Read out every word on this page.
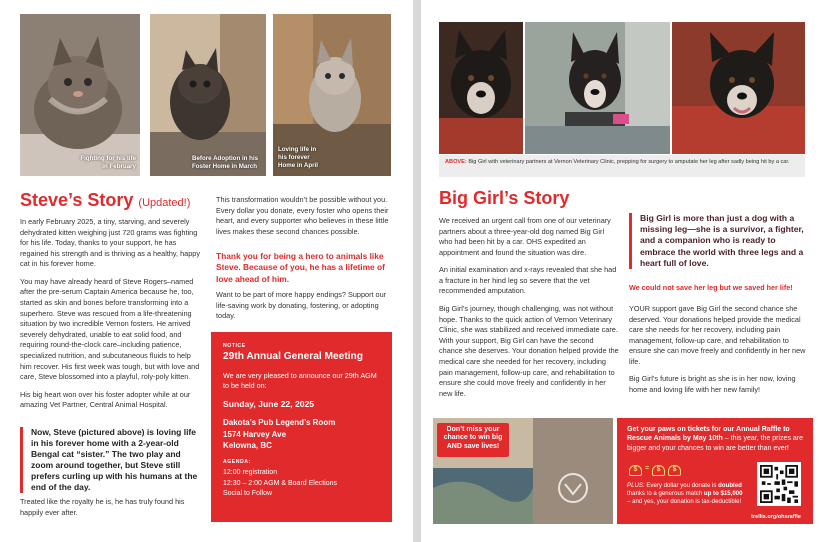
Fighting for his life in February
Before Adoption in his Foster Home in March
Loving life in his forever Home in April
Steve’s Story (Updated!)

In early February 2025, a tiny, starving, and severely dehydrated kitten weighing just 720 grams was fighting for his life. Today, thanks to your support, he has regained his strength and is thriving as a healthy, happy cat in his forever home.

You may have already heard of Steve Rogers–named after the pre-serum Captain America because he, too, started as skin and bones before transforming into a superhero. Steve was rescued from a life-threatening situation by two incredible Vernon fosters. He arrived severely dehydrated, unable to eat solid food, and requiring round-the-clock care–including patience, specialized nutrition, and subcutaneous fluids to help him recover. His first week was tough, but with love and care, Steve blossomed into a playful, roly-poly kitten.

His big heart won over his foster adopter while at our amazing Vet Partner, Central Animal Hospital.

Now, Steve (pictured above) is loving life in his forever home with a 2-year-old Bengal cat “sister.” The two play and zoom around together, but Steve still prefers curling up with his humans at the end of the day.
Treated like the royalty he is, he has truly found his happily ever after.
This transformation wouldn’t be possible without you. Every dollar you donate, every foster who opens their heart, and every supporter who believes in these little lives makes these second chances possible.
Thank you for being a hero to animals like Steve. Because of you, he has a lifetime of love ahead of him.
Want to be part of more happy endings? Support our life-saving work by donating, fostering, or adopting today.
NOTICE
29th Annual General Meeting
We are very pleased to announce our 29th AGM to be held on:
Sunday, June 22, 2025
Dakota’s Pub Legend’s Room
1574 Harvey Ave
Kelowna, BC
AGENDA:
12:00 registration
12:30 – 2:00 AGM & Board Elections
Social to Follow
ABOVE: Big Girl with veterinary partners at Vernon Veterinary Clinic, prepping for surgery to amputate her leg after sadly being hit by a car.
Big Girl’s Story

We received an urgent call from one of our veterinary partners about a three-year-old dog named Big Girl who had been hit by a car. OHS expedited an appointment and found the situation was dire.

An initial examination and x-rays revealed that she had a fracture in her hind leg so severe that the vet recommended amputation.

Big Girl’s journey, though challenging, was not without hope. Thanks to the quick action of Vernon Veterinary Clinic, she was stabilized and received immediate care. With your support, Big Girl can have the second chance she deserves. Your donation helped provide the medical care she needed for her recovery, including pain management, follow-up care, and rehabilitation to ensure she could move freely and confidently in her new life.

Big Girl is more than just a dog with a missing leg—she is a survivor, a fighter, and a companion who is ready to embrace the world with three legs and a heart full of love.
We could not save her leg but we saved her life!

YOUR support gave Big Girl the second chance she deserved. Your donations helped provide the medical care she needs for her recovery, including pain management, follow-up care, and rehabilitation to ensure she can move freely and confidently in her new life.

Big Girl’s future is bright as she is in her now, loving home and loving life with her new family!

Don’t miss your chance to win big AND save lives!
Get your paws on tickets for our Annual Raffle to Rescue Animals by May 10th – this year, the prizes are bigger and your chances to win are better than ever!
$	=	$	$
PLUS: Every dollar you donate is doubled thanks to a generous match up to $15,000 – and yes, your donation is tax-deductible!
trellis.org/ohsraffle
